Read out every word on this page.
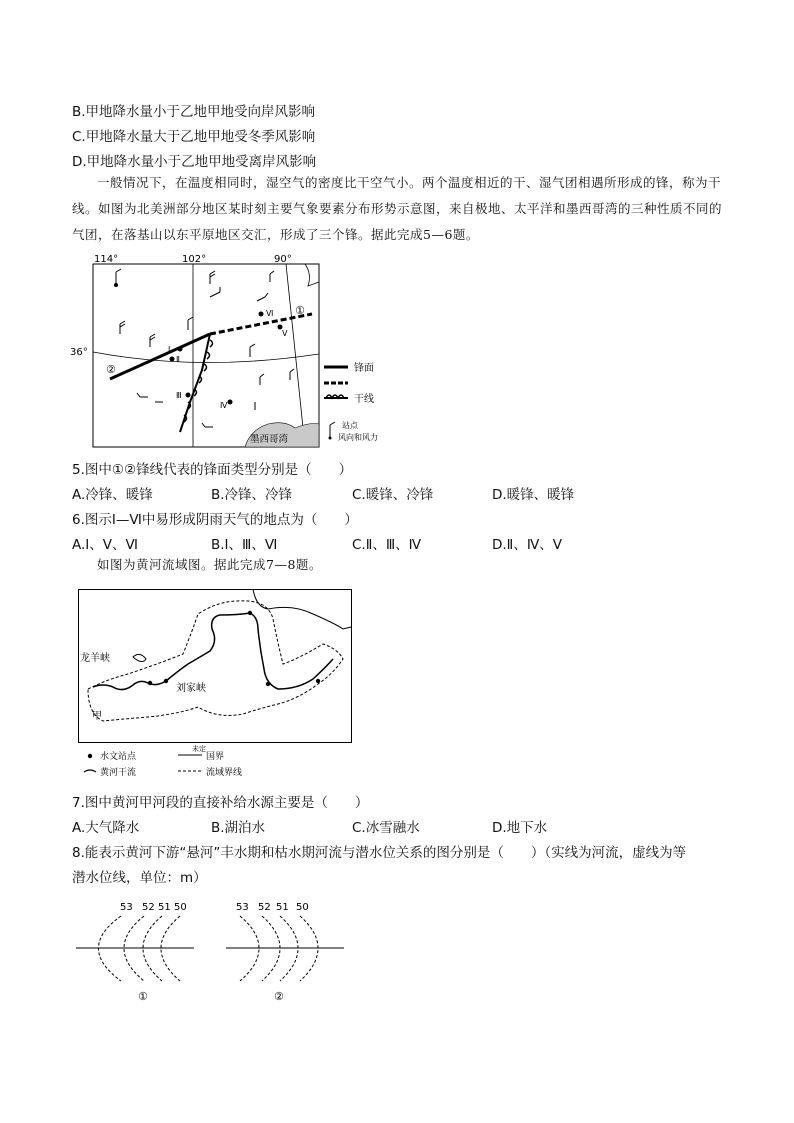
B.甲地降水量小于乙地甲地受向岸风影响
C.甲地降水量大于乙地甲地受冬季风影响
D.甲地降水量小于乙地甲地受离岸风影响
一般情况下，在温度相同时，湿空气的密度比干空气小。两个温度相近的干、湿气团相遇所形成的锋，称为干线。如图为北美洲部分地区某时刻主要气象要素分布形势示意图，来自极地、太平洋和墨西哥湾的三种性质不同的气团，在落基山以东平原地区交汇，形成了三个锋。据此完成5—6题。
114°	102°	90°
36°
墨西哥湾
②
①
Ⅰ
Ⅱ
Ⅲ
Ⅳ
Ⅴ
Ⅵ
锋面
干线
站点
风向和风力
5.图中①②锋线代表的锋面类型分别是（　　）
A.冷锋、暖锋	B.冷锋、冷锋	C.暖锋、冷锋	D.暖锋、暖锋
6.图示Ⅰ—Ⅵ中易形成阴雨天气的地点为（　　）
A.Ⅰ、Ⅴ、Ⅵ	B.Ⅰ、Ⅲ、Ⅵ	C.Ⅱ、Ⅲ、Ⅳ	D.Ⅱ、Ⅳ、Ⅴ
如图为黄河流域图。据此完成7—8题。
龙羊峡
刘家峡
甲
水文站点
未定
国界
黄河干流	流域界线
7.图中黄河甲河段的直接补给水源主要是（　　）
A.大气降水	B.湖泊水	C.冰雪融水	D.地下水
8.能表示黄河下游“悬河”丰水期和枯水期河流与潜水位关系的图分别是（　　）（实线为河流，虚线为等
潜水位线，单位：m）
53 52 51 50
①
53 52 51 50
②
